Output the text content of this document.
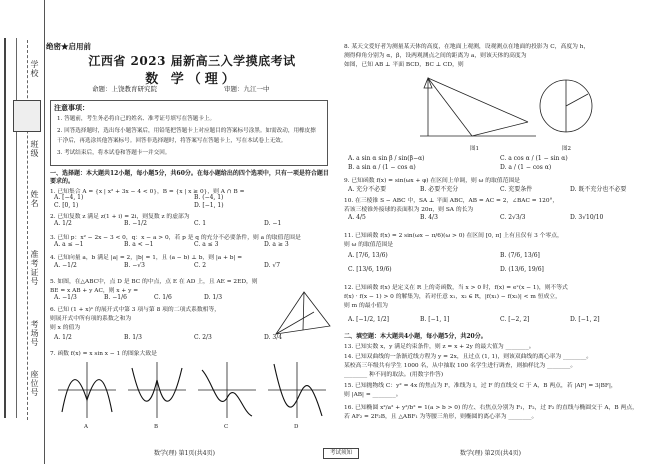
学校
班级
姓名
准考证号
考场号
座位号
绝密★启用前
江西省 2023 届新高三入学摸底考试
数 学（理）
命题：上饶教育研究院	审题：九江一中
注意事项：
1. 答题前，考生务必将自己的姓名、准考证号填写在答题卡上。
2. 回答选择题时，选出每小题答案后，用铅笔把答题卡上对应题目的答案标号涂黑。如需改动，用橡皮擦
干净后，再选涂其他答案标号。回答非选择题时，将答案写在答题卡上，写在本试卷上无效。
3. 考试结束后，将本试卷和答题卡一并交回。
一、选择题：本大题共12小题，每小题5分，共60分。在每小题给出的四个选项中，只有一项是符合题目
要求的。
1. 已知集合 A = {x | x² + 3x − 4 < 0}，B = {x | x ≥ 0}，则 A ∩ B =
A. [−4, 1)	B. (−4, 1)
C. [0, 1)	D. [−1, 1)
2. 已知复数 z 满足 z(1 + i) = 2i，则复数 z 的虚部为
A. 1/2	B. −1/2	C. 1	D. −1
3. 已知 p：x² − 2x − 3 < 0，q：x − a > 0，若 p 是 q 的充分不必要条件，则 a 的取值范围是
A. a ≤ −1	B. a < −1	C. a ≤ 3	D. a ≥ 3
4. 已知向量 a，b 满足 |a| = 2，|b| = 1，且 (a − b) ⊥ b，则 |a + b| =
A. −1/2	B. −√3	C. 2	D. √7
5. 如图，在△ABC中，点 D 是 BC 的中点，点 E 在 AD 上，且 AE = 2ED，则
BE = x AB + y AC，则 x + y =
A. −1/3	B. −1/6	C. 1/6	D. 1/3
6. 已知 (1 + x)ⁿ 的展开式中第 3 项与第 8 项的二项式系数相等，
则展开式中所有项的系数之和为
则 x 的值为
A. 1/2	B. 1/3	C. 2/3	D. 3/4
7. 函数 f(x) = x sin x − 1 的图象大致是
A	B	C	D
数学(理) 第1页(共4页)	考试须知
8. 某天文爱好者为测量某天体的高度，在地面上观测，设观测点在地面的投影为 C，高度为 h，
测得仰角分别为 α，β，设两观测点之间的距离为 a，则该天体的高度为
如图，已知 AB ⊥ 平面 BCD，BC ⊥ CD，则
图1	图2
A. a sin α sin β / sin(β−α)
B. a sin α / (1 − cos α)
C. a cos α / (1 − sin α)
D. a / (1 − cos α)
9. 已知函数 f(x) = sin(ωx + φ) 在区间上单调，则 ω 的取值范围是
A. 充分不必要	B. 必要不充分	C. 充要条件	D. 既不充分也不必要
10. 在三棱锥 S − ABC 中，SA ⊥ 平面 ABC，AB = AC = 2，∠BAC = 120°，
若该三棱锥外接球的表面积为 20π，则 SA 的长为
A. 4/5	B. 4/3	C. 2√3/3	D. 3√10/10
11. 已知函数 f(x) = 2 sin(ωx − π/6)(ω > 0) 在区间 [0, π] 上有且仅有 3 个零点，
则 ω 的取值范围是
A. [7/6, 13/6)	B. (7/6, 13/6]
C. [13/6, 19/6)	D. (13/6, 19/6]
12. 已知函数 f(x) 是定义在 R 上的奇函数，当 x > 0 时，f(x) = eˣ(x − 1)，则不等式
f(x) · f(x − 1) > 0 的解集为，若对任意 x₁，x₂ ∈ R，|f(x₁) − f(x₂)| < m 恒成立，
则 m 的最小值为
A. [−1/2, 1/2]	B. [−1, 1]	C. [−2, 2]	D. [−1, 2]
二、填空题：本大题共4小题，每小题5分，共20分。
13. 已知实数 x，y 满足约束条件，则 z = x + 2y 的最大值为 ________。
14. 已知双曲线的一条渐近线方程为 y = 2x，且过点 (1, 1)，则该双曲线的离心率为 ________。
某校高三年级共有学生 1000 名，从中抽取 100 名学生进行调查，则抽样比为 ________。
________ 种不同的取法。(用数字作答)
15. 已知抛物线 C：y² = 4x 的焦点为 F，准线为 l，过 F 的直线交 C 于 A，B 两点，若 |AF| = 3|BF|，
则 |AB| = ________。
16. 已知椭圆 x²/a² + y²/b² = 1(a > b > 0) 的左、右焦点分别为 F₁，F₂，过 F₂ 的直线与椭圆交于 A，B 两点，
若 AF₂ = 2F₂B，且 △ABF₁ 为等腰三角形，则椭圆的离心率为 ________。
数学(理) 第2页(共4页)
